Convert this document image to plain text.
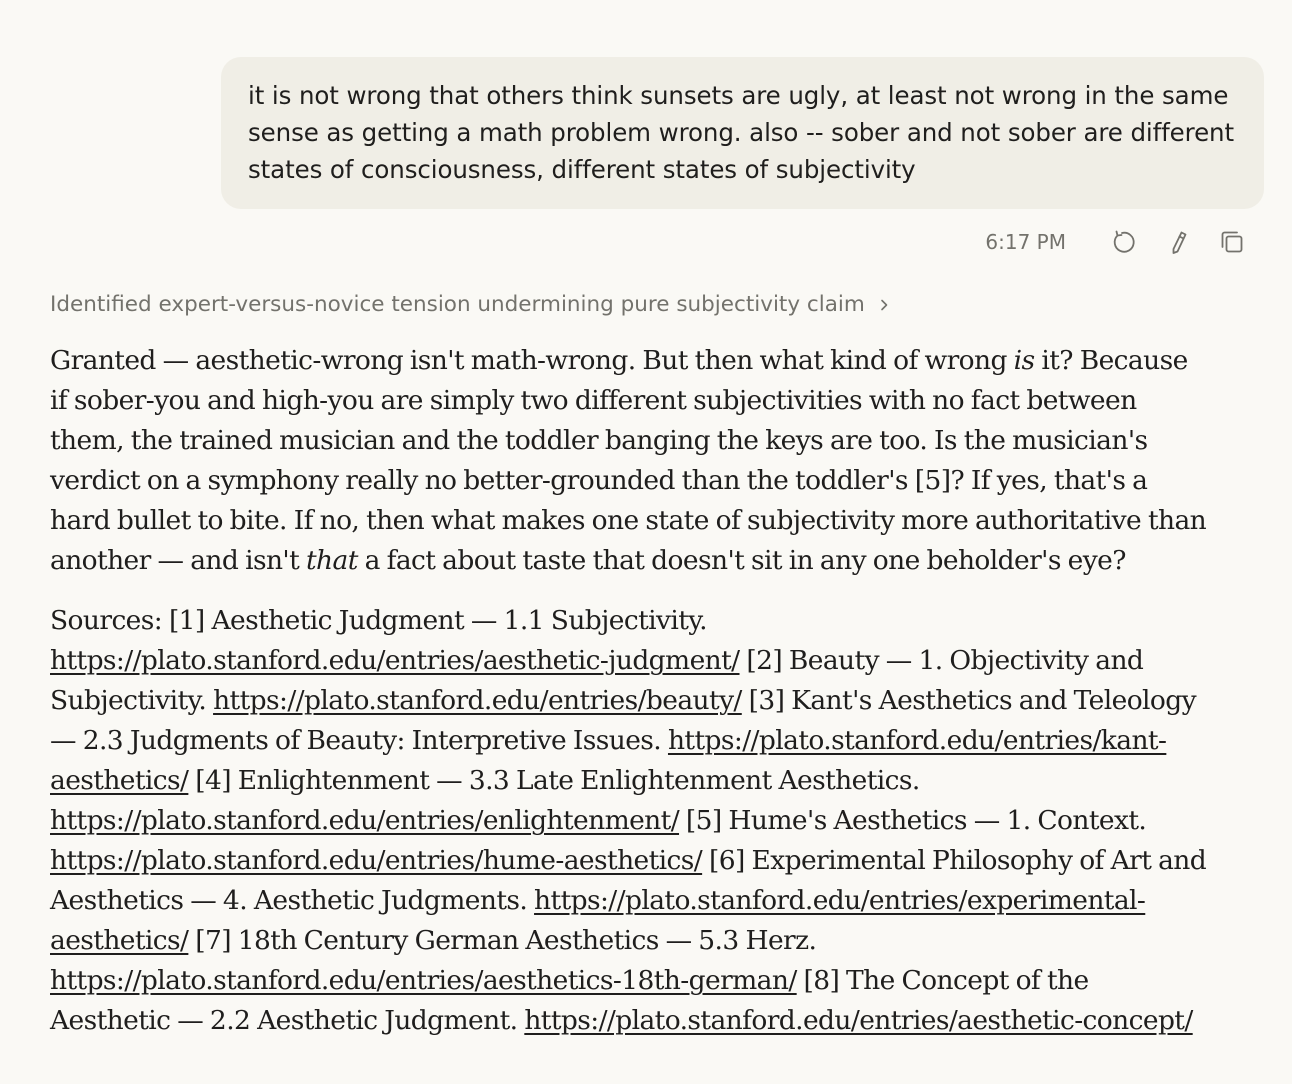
it is not wrong that others think sunsets are ugly, at least not wrong in the same sense as getting a math problem wrong. also -- sober and not sober are different states of consciousness, different states of subjectivity
6:17 PM
Identified expert-versus-novice tension undermining pure subjectivity claim

Granted — aesthetic-wrong isn't math-wrong. But then what kind of wrong is it? Because if sober-you and high-you are simply two different subjectivities with no fact between them, the trained musician and the toddler banging the keys are too. Is the musician's verdict on a symphony really no better-grounded than the toddler's [5]? If yes, that's a hard bullet to bite. If no, then what makes one state of subjectivity more authoritative than another — and isn't that a fact about taste that doesn't sit in any one beholder's eye?

Sources: [1] Aesthetic Judgment — 1.1 Subjectivity. https://plato.stanford.edu/entries/aesthetic-judgment/ [2] Beauty — 1. Objectivity and Subjectivity. https://plato.stanford.edu/entries/beauty/ [3] Kant's Aesthetics and Teleology — 2.3 Judgments of Beauty: Interpretive Issues. https://plato.stanford.edu/entries/kant-aesthetics/ [4] Enlightenment — 3.3 Late Enlightenment Aesthetics. https://plato.stanford.edu/entries/enlightenment/ [5] Hume's Aesthetics — 1. Context. https://plato.stanford.edu/entries/hume-aesthetics/ [6] Experimental Philosophy of Art and Aesthetics — 4. Aesthetic Judgments. https://plato.stanford.edu/entries/experimental-aesthetics/ [7] 18th Century German Aesthetics — 5.3 Herz. https://plato.stanford.edu/entries/aesthetics-18th-german/ [8] The Concept of the Aesthetic — 2.2 Aesthetic Judgment. https://plato.stanford.edu/entries/aesthetic-concept/
